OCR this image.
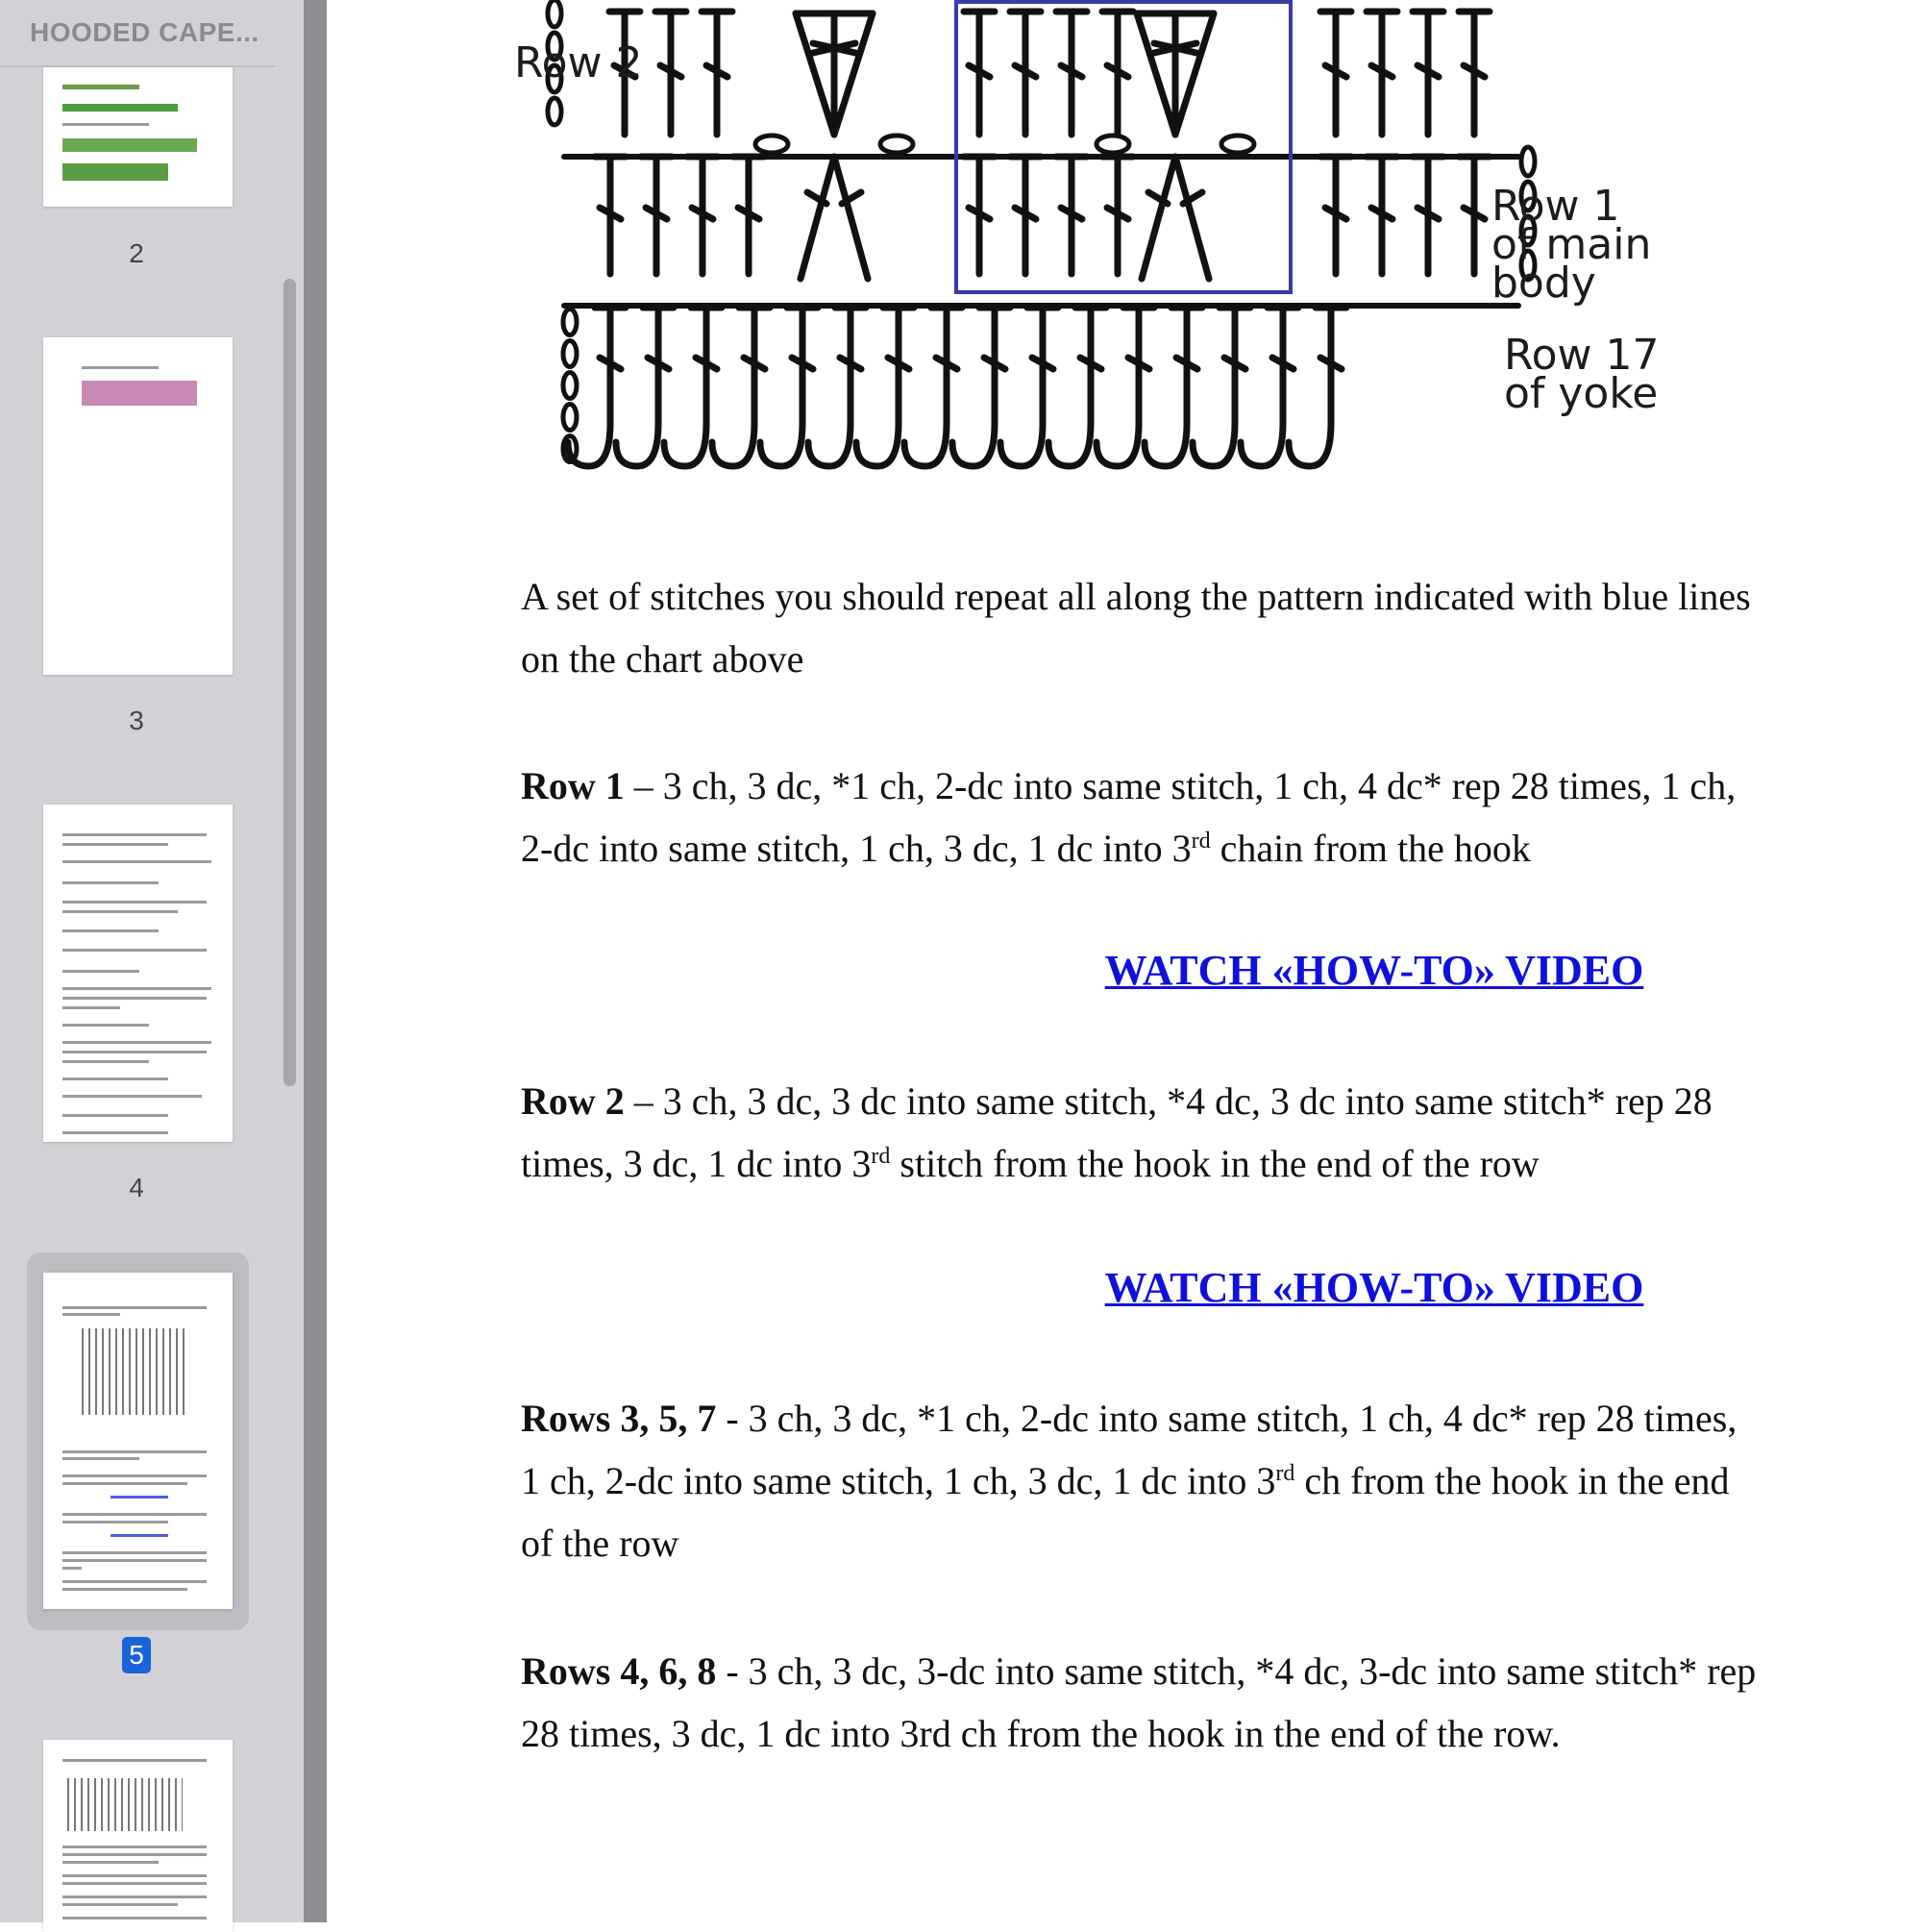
HOODED CAPE...
2
3
4
5
Row 2
Row 1
of main body
Row 17
of yoke
A set of stitches you should repeat all along the pattern indicated with blue lines
on the chart above
Row 1 – 3 ch, 3 dc, *1 ch, 2-dc into same stitch, 1 ch, 4 dc* rep 28 times, 1 ch,
2-dc into same stitch, 1 ch, 3 dc, 1 dc into 3rd chain from the hook
WATCH «HOW-TO» VIDEO
Row 2 – 3 ch, 3 dc, 3 dc into same stitch, *4 dc, 3 dc into same stitch* rep 28
times, 3 dc, 1 dc into 3rd stitch from the hook in the end of the row
WATCH «HOW-TO» VIDEO
Rows 3, 5, 7 - 3 ch, 3 dc, *1 ch, 2-dc into same stitch, 1 ch, 4 dc* rep 28 times,
1 ch, 2-dc into same stitch, 1 ch, 3 dc, 1 dc into 3rd ch from the hook in the end
of the row
Rows 4, 6, 8 - 3 ch, 3 dc, 3-dc into same stitch, *4 dc, 3-dc into same stitch* rep
28 times, 3 dc, 1 dc into 3rd ch from the hook in the end of the row.
